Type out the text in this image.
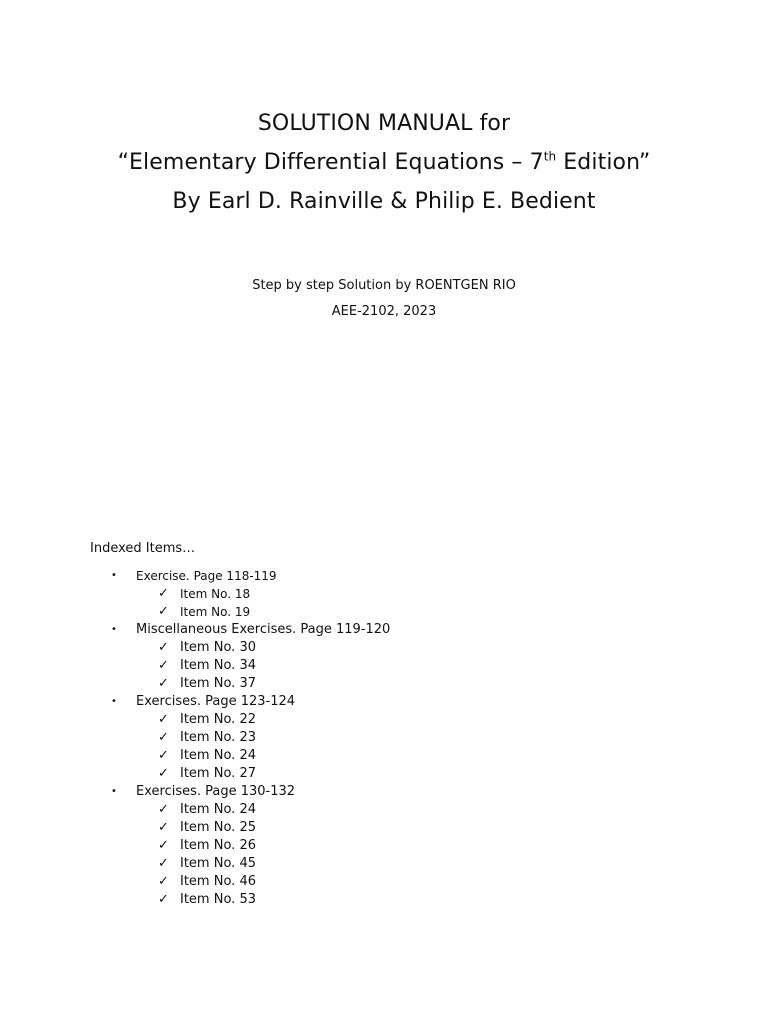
SOLUTION MANUAL for

“Elementary Differential Equations – 7th Edition”

By Earl D. Rainville & Philip E. Bedient

Step by step Solution by ROENTGEN RIO

AEE-2102, 2023

Indexed Items…

•	Exercise. Page 118-119
✓ Item No. 18
✓ Item No. 19
•	Miscellaneous Exercises. Page 119-120
✓ Item No. 30
✓ Item No. 34
✓ Item No. 37
•	Exercises. Page 123-124
✓ Item No. 22
✓ Item No. 23
✓ Item No. 24
✓ Item No. 27
•	Exercises. Page 130-132
✓ Item No. 24
✓ Item No. 25
✓ Item No. 26
✓ Item No. 45
✓ Item No. 46
✓ Item No. 53
